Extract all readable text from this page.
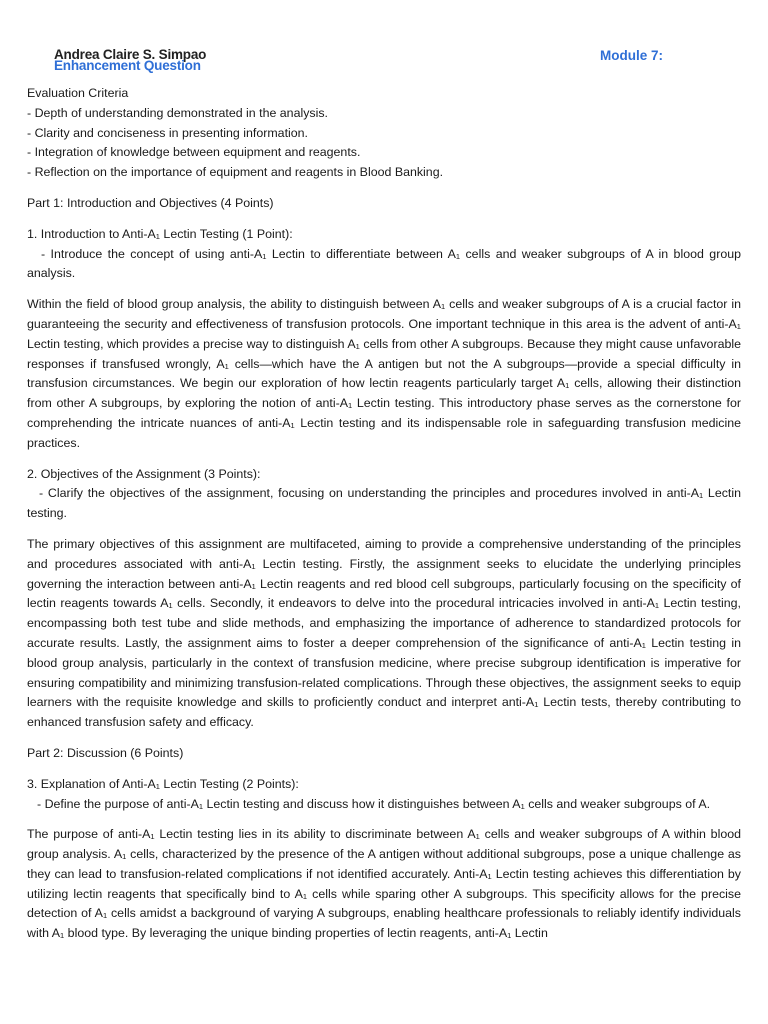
Andrea Claire S. Simpao
Enhancement Question
Module 7:

Evaluation Criteria

- Depth of understanding demonstrated in the analysis.

- Clarity and conciseness in presenting information.

- Integration of knowledge between equipment and reagents.

- Reflection on the importance of equipment and reagents in Blood Banking.

Part 1: Introduction and Objectives (4 Points)

1. Introduction to Anti-A₁ Lectin Testing (1 Point):

- Introduce the concept of using anti-A₁ Lectin to differentiate between A₁ cells and weaker subgroups of A in blood group analysis.

Within the field of blood group analysis, the ability to distinguish between A₁ cells and weaker subgroups of A is a crucial factor in guaranteeing the security and effectiveness of transfusion protocols. One important technique in this area is the advent of anti-A₁ Lectin testing, which provides a precise way to distinguish A₁ cells from other A subgroups. Because they might cause unfavorable responses if transfused wrongly, A₁ cells—which have the A antigen but not the A subgroups—provide a special difficulty in transfusion circumstances. We begin our exploration of how lectin reagents particularly target A₁ cells, allowing their distinction from other A subgroups, by exploring the notion of anti-A₁ Lectin testing. This introductory phase serves as the cornerstone for comprehending the intricate nuances of anti-A₁ Lectin testing and its indispensable role in safeguarding transfusion medicine practices.

2. Objectives of the Assignment (3 Points):

- Clarify the objectives of the assignment, focusing on understanding the principles and procedures involved in anti-A₁ Lectin testing.

The primary objectives of this assignment are multifaceted, aiming to provide a comprehensive understanding of the principles and procedures associated with anti-A₁ Lectin testing. Firstly, the assignment seeks to elucidate the underlying principles governing the interaction between anti-A₁ Lectin reagents and red blood cell subgroups, particularly focusing on the specificity of lectin reagents towards A₁ cells. Secondly, it endeavors to delve into the procedural intricacies involved in anti-A₁ Lectin testing, encompassing both test tube and slide methods, and emphasizing the importance of adherence to standardized protocols for accurate results. Lastly, the assignment aims to foster a deeper comprehension of the significance of anti-A₁ Lectin testing in blood group analysis, particularly in the context of transfusion medicine, where precise subgroup identification is imperative for ensuring compatibility and minimizing transfusion-related complications. Through these objectives, the assignment seeks to equip learners with the requisite knowledge and skills to proficiently conduct and interpret anti-A₁ Lectin tests, thereby contributing to enhanced transfusion safety and efficacy.

Part 2: Discussion (6 Points)

3. Explanation of Anti-A₁ Lectin Testing (2 Points):

- Define the purpose of anti-A₁ Lectin testing and discuss how it distinguishes between A₁ cells and weaker subgroups of A.

The purpose of anti-A₁ Lectin testing lies in its ability to discriminate between A₁ cells and weaker subgroups of A within blood group analysis. A₁ cells, characterized by the presence of the A antigen without additional subgroups, pose a unique challenge as they can lead to transfusion-related complications if not identified accurately. Anti-A₁ Lectin testing achieves this differentiation by utilizing lectin reagents that specifically bind to A₁ cells while sparing other A subgroups. This specificity allows for the precise detection of A₁ cells amidst a background of varying A subgroups, enabling healthcare professionals to reliably identify individuals with A₁ blood type. By leveraging the unique binding properties of lectin reagents, anti-A₁ Lectin
